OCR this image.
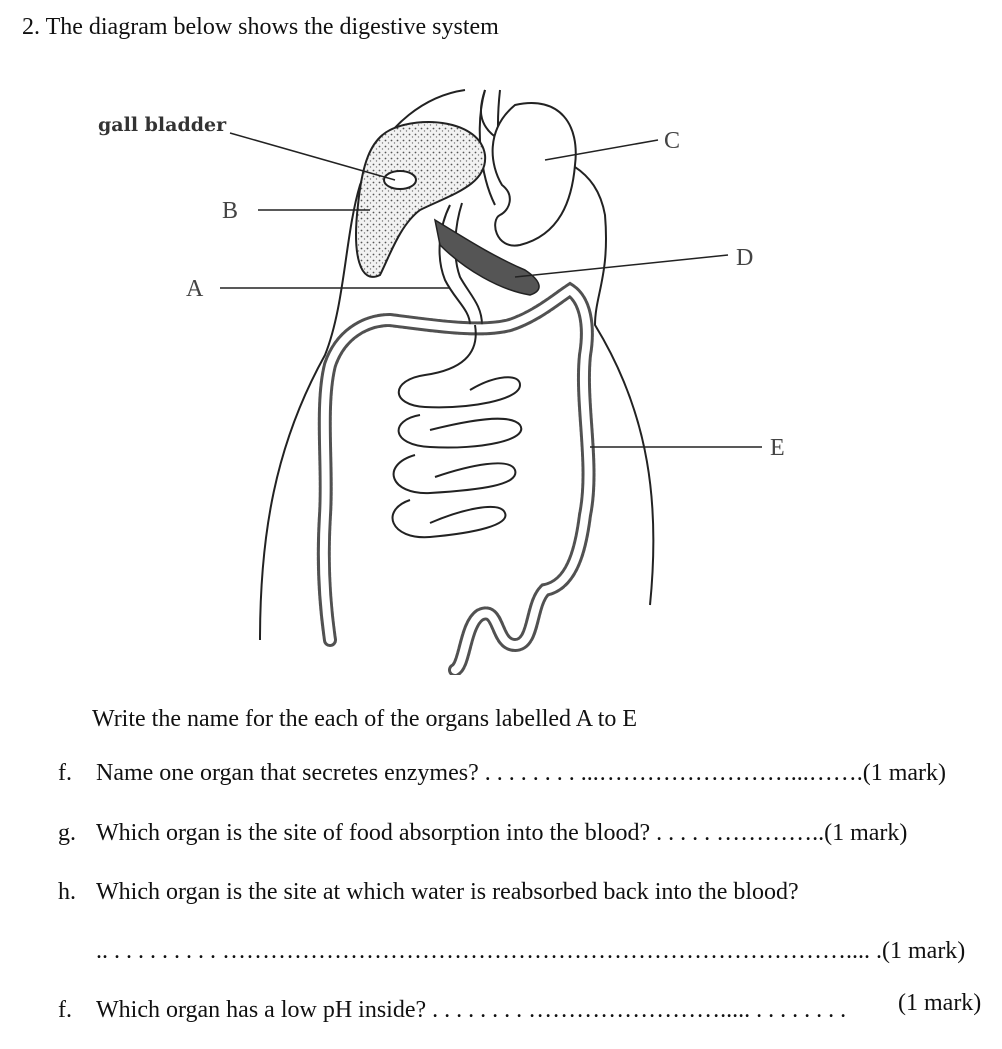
2. The diagram below shows the digestive system
gall bladder
B
A
C
D
E
Write the name for the each of the organs labelled A to E
f. Name one organ that secretes enzymes? . . . . . . . . ...……………………...…….(1 mark)
g. Which organ is the site of food absorption into the blood? . . . . . …………..(1 mark)
h. Which organ is the site at which water is reabsorbed back into the blood?
.. . . . . . . . . . …………………………………………………………………….... .(1 mark)
f. Which organ has a low pH inside? . . . . . . . . ……………………..... . . . . . . . . (1 mark)
